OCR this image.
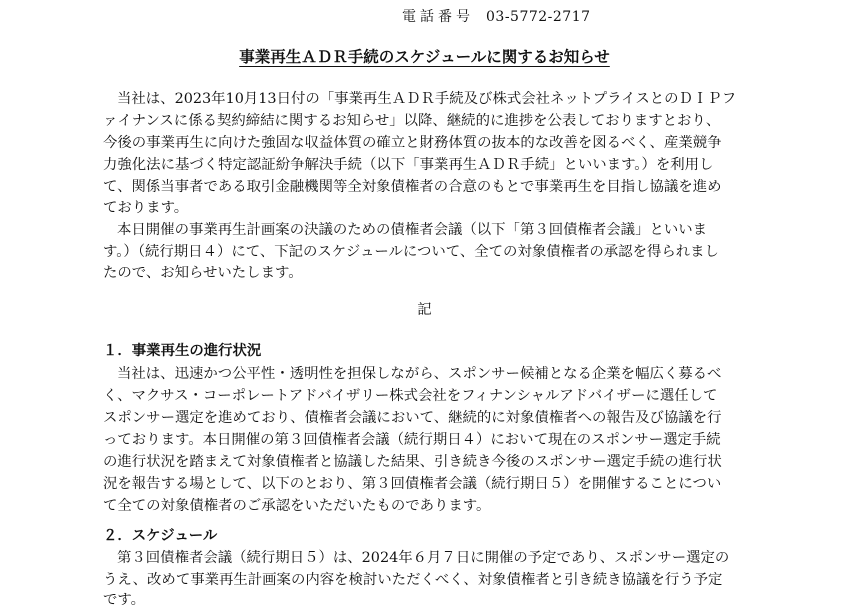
電話番号 03-5772-2717
事業再生ＡＤＲ手続のスケジュールに関するお知らせ
当社は、2023年10月13日付の「事業再生ＡＤＲ手続及び株式会社ネットプライスとのＤＩＰフ
ァイナンスに係る契約締結に関するお知らせ」以降、継続的に進捗を公表しておりますとおり、
今後の事業再生に向けた強固な収益体質の確立と財務体質の抜本的な改善を図るべく、産業競争
力強化法に基づく特定認証紛争解決手続（以下「事業再生ＡＤＲ手続」といいます。）を利用し
て、関係当事者である取引金融機関等全対象債権者の合意のもとで事業再生を目指し協議を進め
ております。
本日開催の事業再生計画案の決議のための債権者会議（以下「第３回債権者会議」といいま
す。）（続行期日４）にて、下記のスケジュールについて、全ての対象債権者の承認を得られまし
たので、お知らせいたします。
記
１．事業再生の進行状況
当社は、迅速かつ公平性・透明性を担保しながら、スポンサー候補となる企業を幅広く募るべ
く、マクサス・コーポレートアドバイザリー株式会社をフィナンシャルアドバイザーに選任して
スポンサー選定を進めており、債権者会議において、継続的に対象債権者への報告及び協議を行
っております。本日開催の第３回債権者会議（続行期日４）において現在のスポンサー選定手続
の進行状況を踏まえて対象債権者と協議した結果、引き続き今後のスポンサー選定手続の進行状
況を報告する場として、以下のとおり、第３回債権者会議（続行期日５）を開催することについ
て全ての対象債権者のご承認をいただいたものであります。
２．スケジュール
第３回債権者会議（続行期日５）は、2024年６月７日に開催の予定であり、スポンサー選定の
うえ、改めて事業再生計画案の内容を検討いただくべく、対象債権者と引き続き協議を行う予定
です。
